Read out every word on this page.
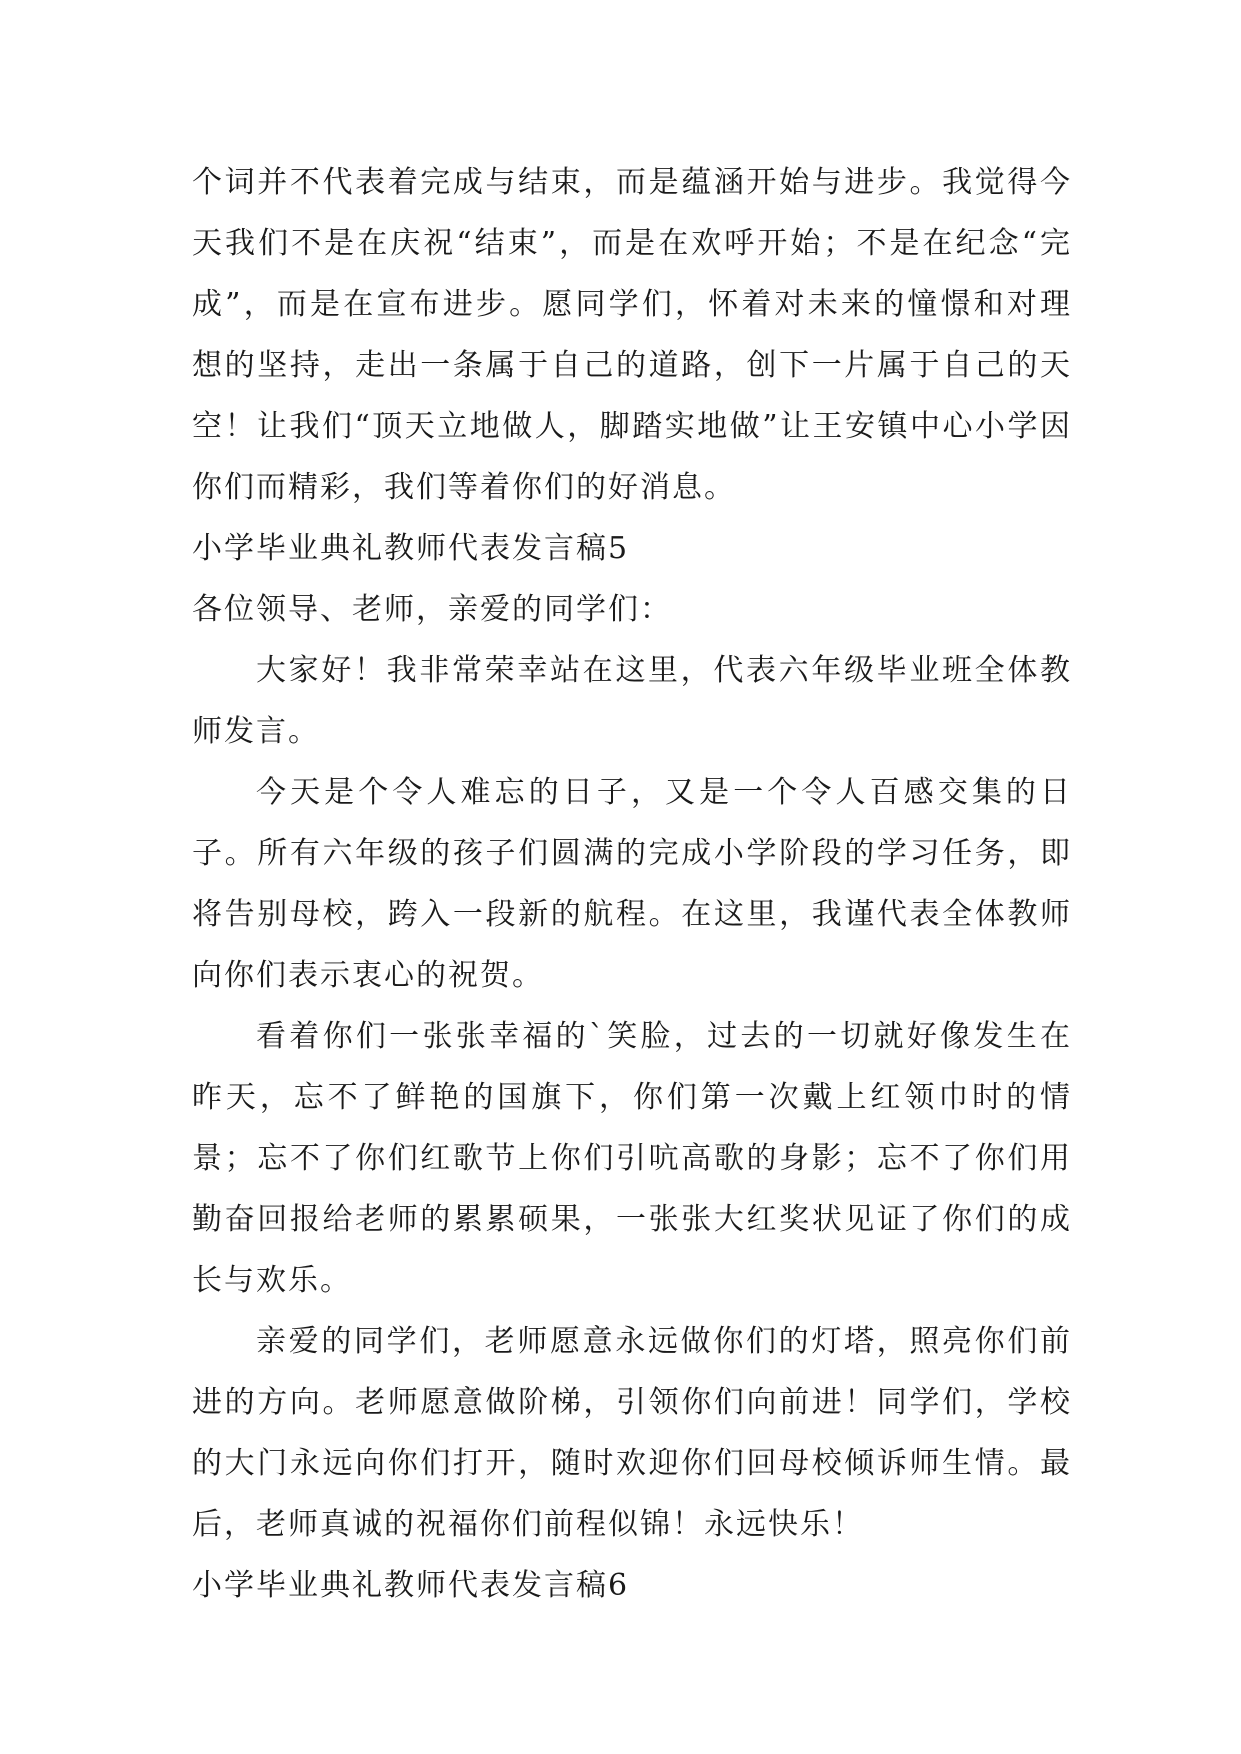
个词并不代表着完成与结束，而是蕴涵开始与进步。我觉得今天我们不是在庆祝“结束”，而是在欢呼开始；不是在纪念“完成”，而是在宣布进步。愿同学们，怀着对未来的憧憬和对理想的坚持，走出一条属于自己的道路，创下一片属于自己的天空！让我们“顶天立地做人，脚踏实地做”让王安镇中心小学因你们而精彩，我们等着你们的好消息。

小学毕业典礼教师代表发言稿5

各位领导、老师，亲爱的同学们：

大家好！我非常荣幸站在这里，代表六年级毕业班全体教师发言。

今天是个令人难忘的日子，又是一个令人百感交集的日子。所有六年级的孩子们圆满的完成小学阶段的学习任务，即将告别母校，跨入一段新的航程。在这里，我谨代表全体教师向你们表示衷心的祝贺。

看着你们一张张幸福的`笑脸，过去的一切就好像发生在昨天，忘不了鲜艳的国旗下，你们第一次戴上红领巾时的情景；忘不了你们红歌节上你们引吭高歌的身影；忘不了你们用勤奋回报给老师的累累硕果，一张张大红奖状见证了你们的成长与欢乐。

亲爱的同学们，老师愿意永远做你们的灯塔，照亮你们前进的方向。老师愿意做阶梯，引领你们向前进！同学们，学校的大门永远向你们打开，随时欢迎你们回母校倾诉师生情。最后，老师真诚的祝福你们前程似锦！永远快乐！

小学毕业典礼教师代表发言稿6
